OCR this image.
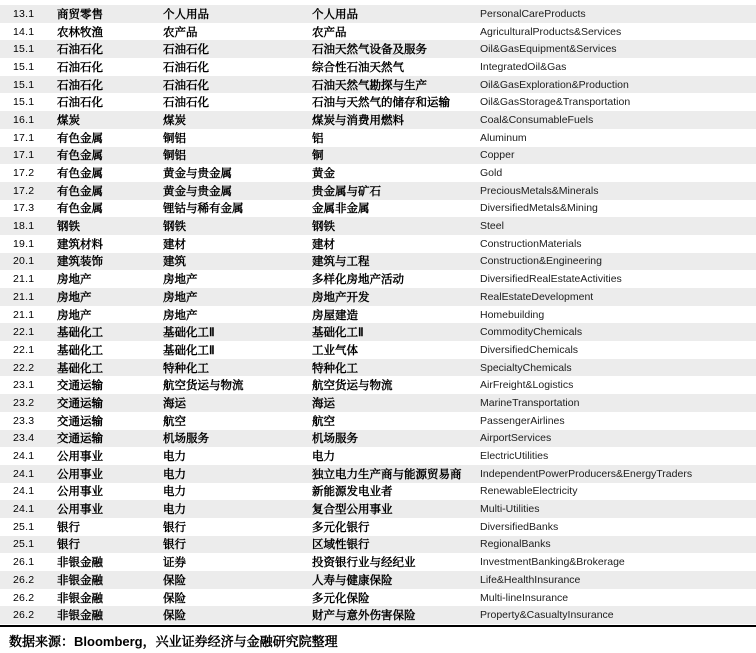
13.1	商贸零售	个人用品	个人用品	PersonalCareProducts
14.1	农林牧渔	农产品	农产品	AgriculturalProducts&Services
15.1	石油石化	石油石化	石油天然气设备及服务	Oil&GasEquipment&Services
15.1	石油石化	石油石化	综合性石油天然气	IntegratedOil&Gas
15.1	石油石化	石油石化	石油天然气勘探与生产	Oil&GasExploration&Production
15.1	石油石化	石油石化	石油与天然气的储存和运输	Oil&GasStorage&Transportation
16.1	煤炭	煤炭	煤炭与消费用燃料	Coal&ConsumableFuels
17.1	有色金属	铜铝	铝	Aluminum
17.1	有色金属	铜铝	铜	Copper
17.2	有色金属	黄金与贵金属	黄金	Gold
17.2	有色金属	黄金与贵金属	贵金属与矿石	PreciousMetals&Minerals
17.3	有色金属	锂钴与稀有金属	金属非金属	DiversifiedMetals&Mining
18.1	钢铁	钢铁	钢铁	Steel
19.1	建筑材料	建材	建材	ConstructionMaterials
20.1	建筑装饰	建筑	建筑与工程	Construction&Engineering
21.1	房地产	房地产	多样化房地产活动	DiversifiedRealEstateActivities
21.1	房地产	房地产	房地产开发	RealEstateDevelopment
21.1	房地产	房地产	房屋建造	Homebuilding
22.1	基础化工	基础化工Ⅱ	基础化工Ⅱ	CommodityChemicals
22.1	基础化工	基础化工Ⅱ	工业气体	DiversifiedChemicals
22.2	基础化工	特种化工	特种化工	SpecialtyChemicals
23.1	交通运输	航空货运与物流	航空货运与物流	AirFreight&Logistics
23.2	交通运输	海运	海运	MarineTransportation
23.3	交通运输	航空	航空	PassengerAirlines
23.4	交通运输	机场服务	机场服务	AirportServices
24.1	公用事业	电力	电力	ElectricUtilities
24.1	公用事业	电力	独立电力生产商与能源贸易商	IndependentPowerProducers&EnergyTraders
24.1	公用事业	电力	新能源发电业者	RenewableElectricity
24.1	公用事业	电力	复合型公用事业	Multi-Utilities
25.1	银行	银行	多元化银行	DiversifiedBanks
25.1	银行	银行	区域性银行	RegionalBanks
26.1	非银金融	证券	投资银行业与经纪业	InvestmentBanking&Brokerage
26.2	非银金融	保险	人寿与健康保险	Life&HealthInsurance
26.2	非银金融	保险	多元化保险	Multi-lineInsurance
26.2	非银金融	保险	财产与意外伤害保险	Property&CasualtyInsurance
数据来源：Bloomberg，兴业证券经济与金融研究院整理
